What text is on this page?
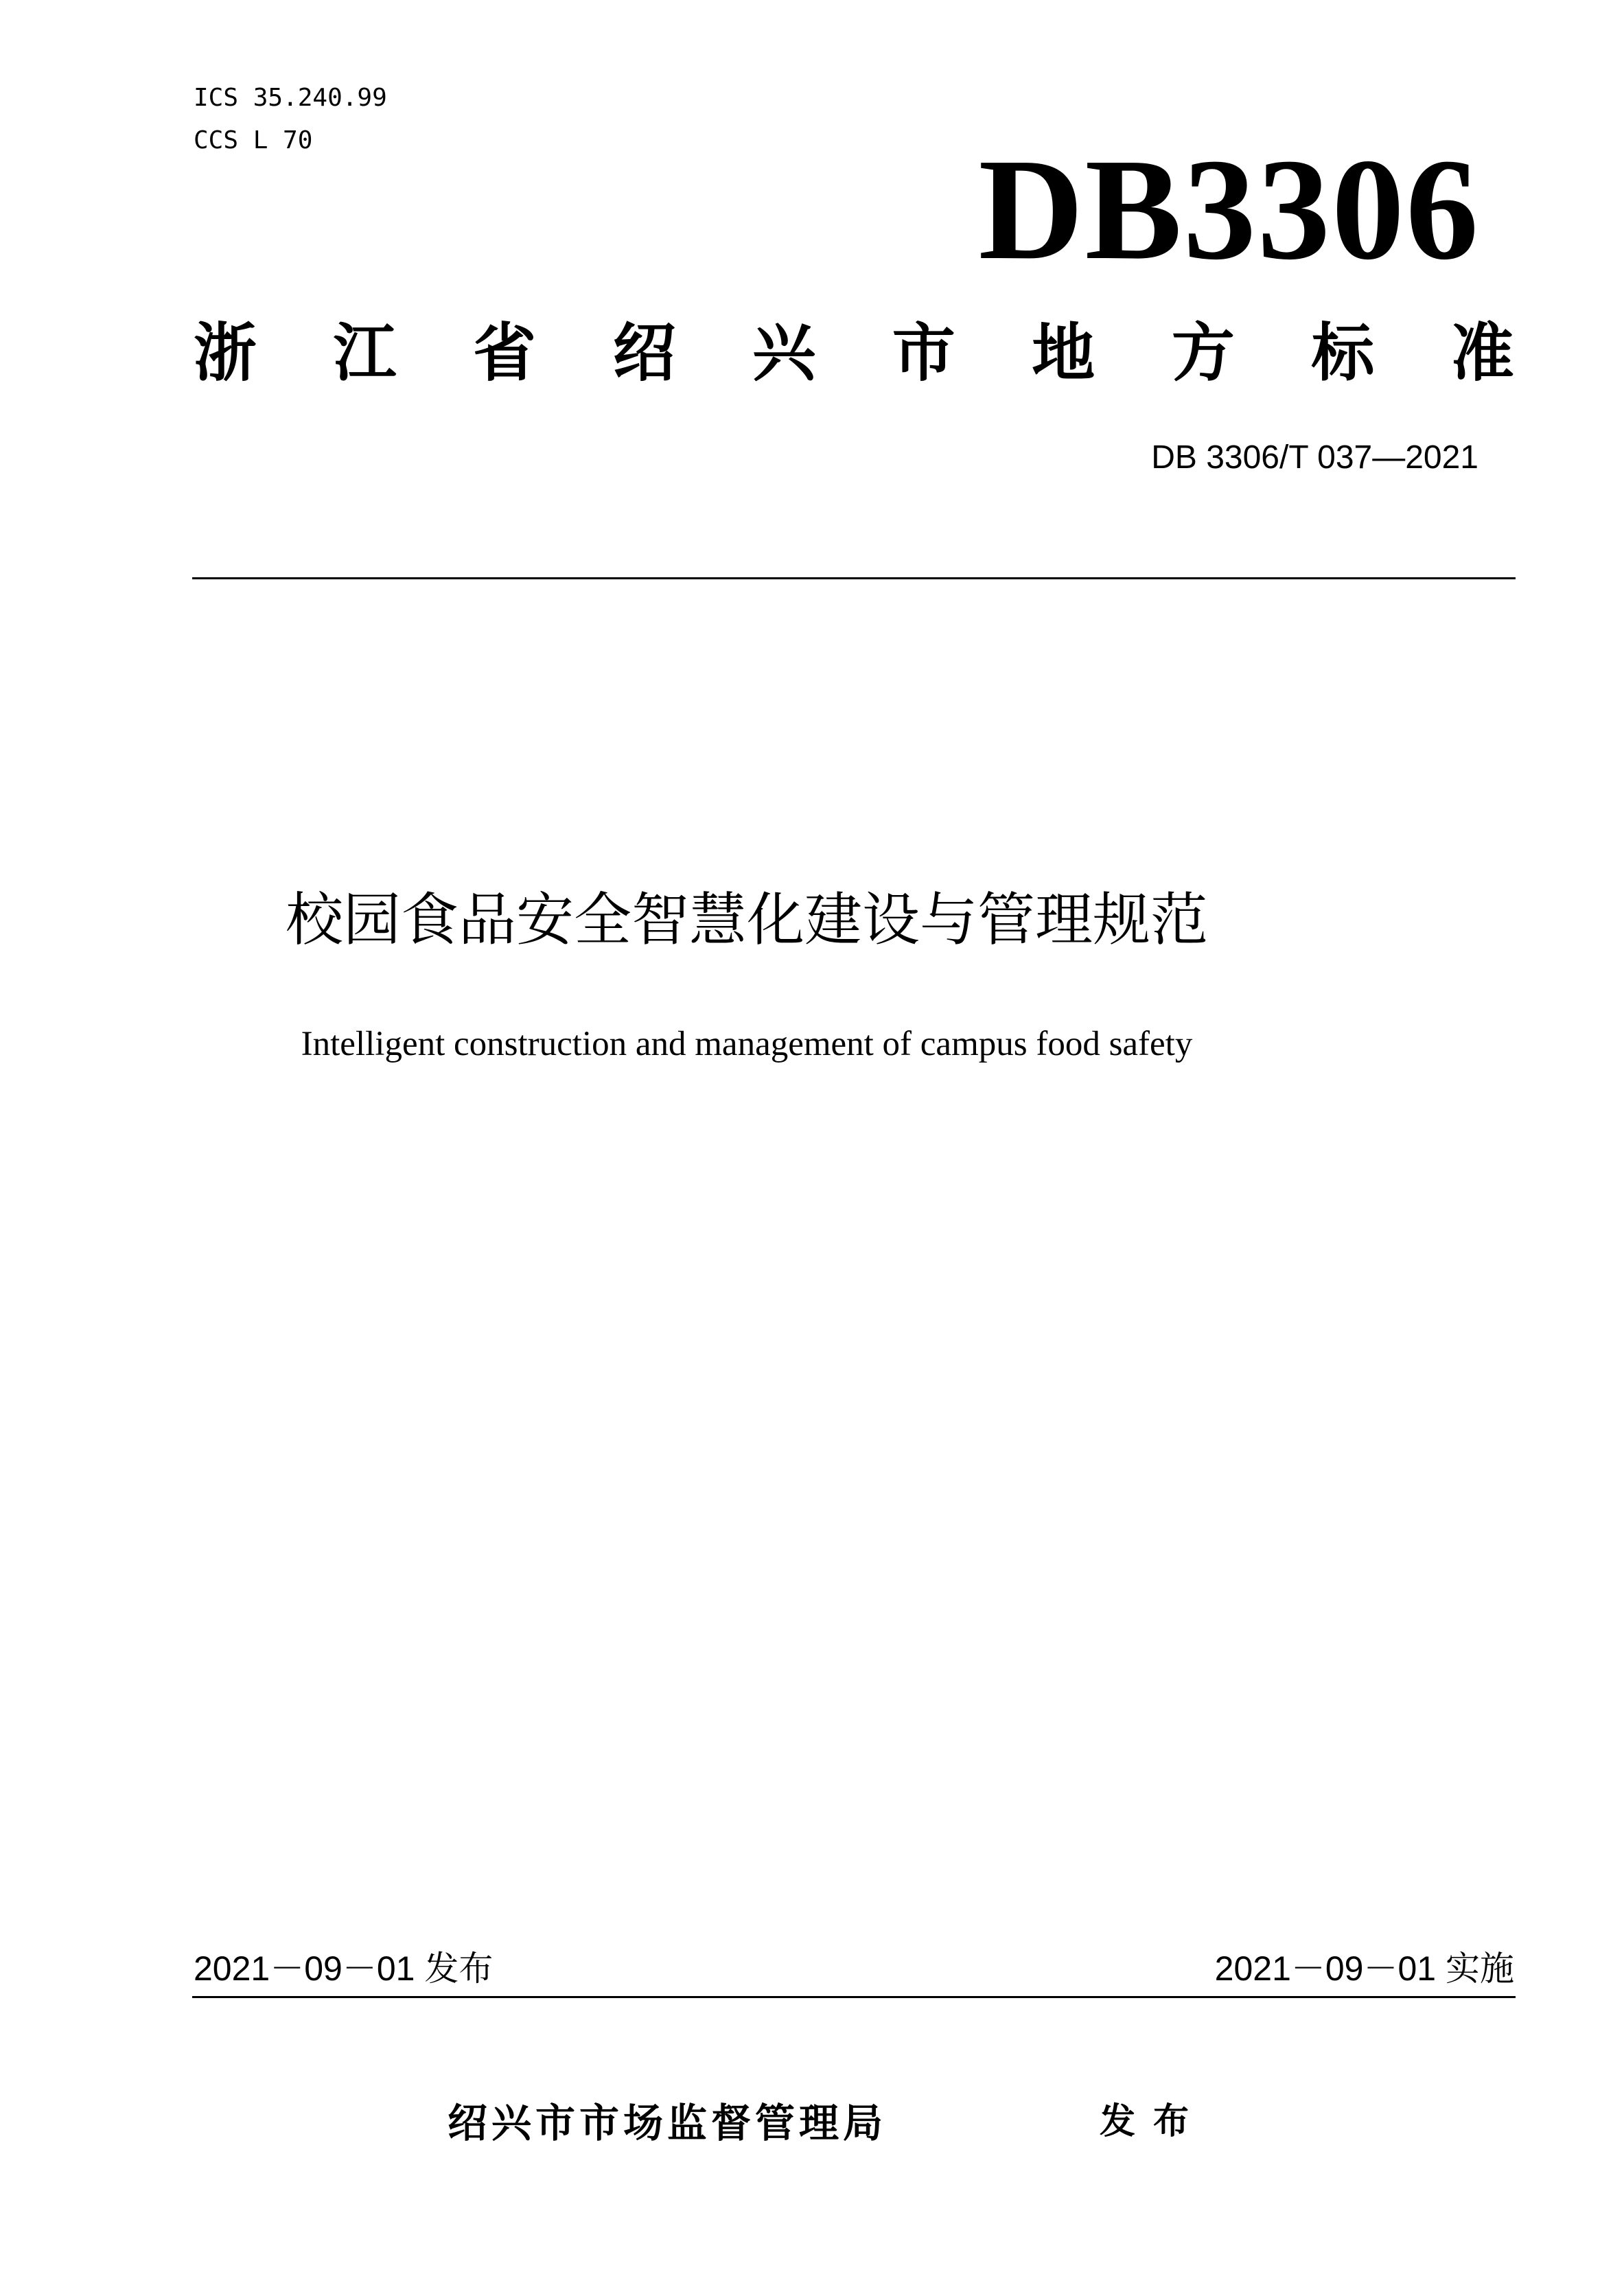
ICS 35.240.99
CCS L 70	DB3306
浙 江 省 绍 兴 市 地 方 标 准
DB 3306/T 037—2021
校园食品安全智慧化建设与管理规范
Intelligent construction and management of campus food safety
2021－09－01 发布	2021－09－01 实施
绍兴市市场监督管理局	发布
